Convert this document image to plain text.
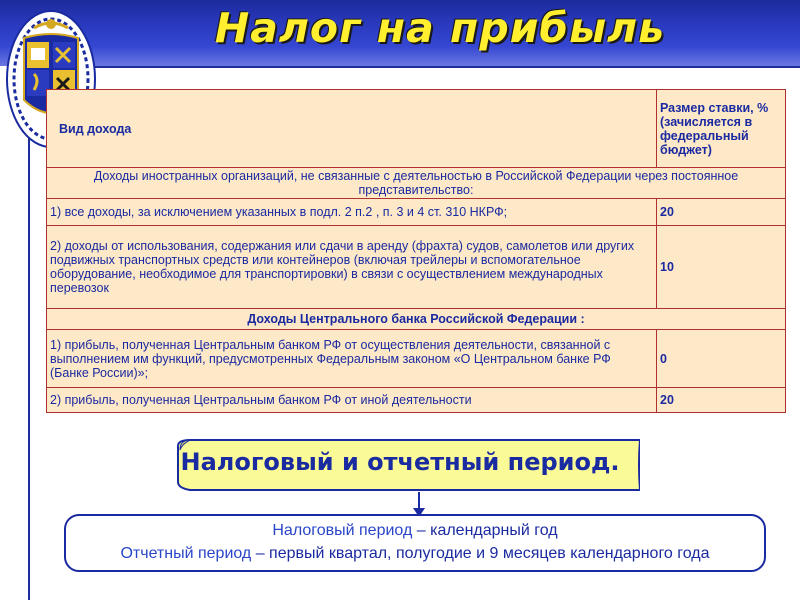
Налог на прибыль
Вид дохода	Размер ставки, % (зачисляется в федеральный бюджет)
Доходы иностранных организаций, не связанные с деятельностью в Российской Федерации через постоянное представительство:	
1) все доходы, за исключением указанных в подл. 2 п.2 , п. 3 и 4 ст. 310 НКРФ;	20
2) доходы от использования, содержания или сдачи в аренду (фрахта) судов, самолетов или других подвижных транспортных средств или контейнеров (включая трейлеры и вспомогательное оборудование, необходимое для транспортировки) в связи с осуществлением международных перевозок	10
Доходы Центрального банка Российской Федерации :	
1) прибыль, полученная Центральным банком РФ от осуществления деятельности, связанной с выполнением им функций, предусмотренных Федеральным законом «О Центральном банке РФ (Банке России)»;	0
2) прибыль, полученная Центральным банком РФ от иной деятельности	20
Налоговый и отчетный период.
Налоговый период – календарный год
Отчетный период – первый квартал, полугодие и 9 месяцев календарного года
